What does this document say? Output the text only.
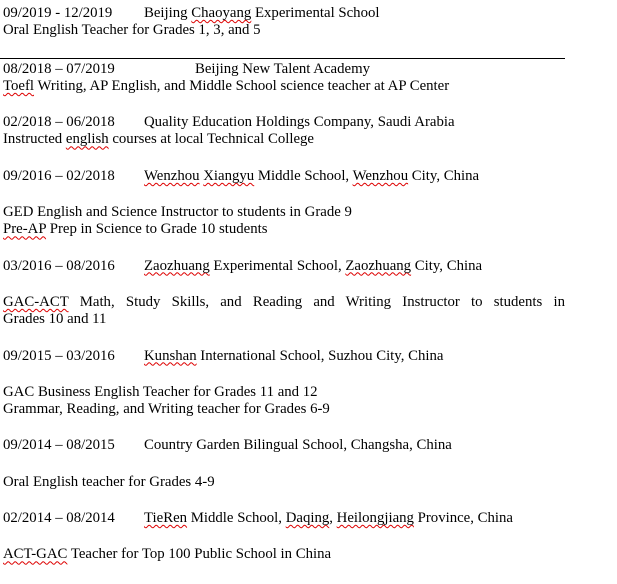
09/2019 - 12/2019 Beijing Chaoyang Experimental School
Oral English Teacher for Grades 1, 3, and 5
08/2018 – 07/2019	Beijing New Talent Academy
Toefl Writing, AP English, and Middle School science teacher at AP Center
02/2018 – 06/2018 Quality Education Holdings Company, Saudi Arabia
Instructed english courses at local Technical College
09/2016 – 02/2018 Wenzhou Xiangyu Middle School, Wenzhou City, China
GED English and Science Instructor to students in Grade 9
Pre-AP Prep in Science to Grade 10 students
03/2016 – 08/2016 Zaozhuang Experimental School, Zaozhuang City, China
GAC-ACT Math, Study Skills, and Reading and Writing Instructor to students in
Grades 10 and 11
09/2015 – 03/2016 Kunshan International School, Suzhou City, China
GAC Business English Teacher for Grades 11 and 12
Grammar, Reading, and Writing teacher for Grades 6-9
09/2014 – 08/2015 Country Garden Bilingual School, Changsha, China
Oral English teacher for Grades 4-9
02/2014 – 08/2014 TieRen Middle School, Daqing, Heilongjiang Province, China
ACT-GAC Teacher for Top 100 Public School in China
